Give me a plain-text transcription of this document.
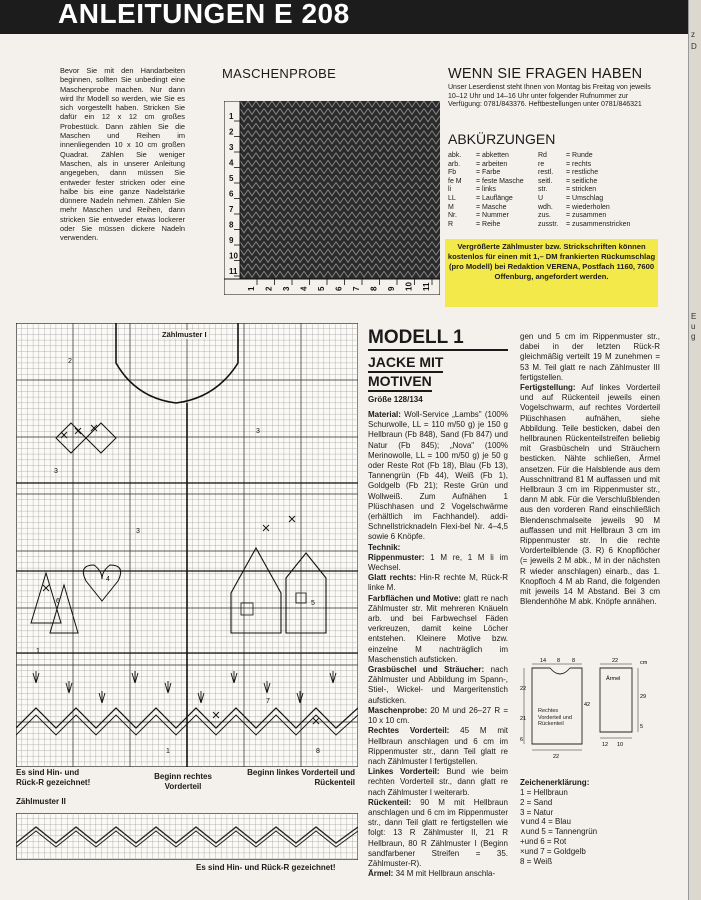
ANLEITUNGEN E 208
z
D
E
u
g
Bevor Sie mit den Handarbeiten beginnen, sollten Sie unbedingt eine Maschenprobe machen. Nur dann wird Ihr Modell so werden, wie Sie es sich vorgestellt haben. Stricken Sie dafür ein 12 x 12 cm großes Probestück. Dann zählen Sie die Maschen und Reihen im innenliegenden 10 x 10 cm großen Quadrat. Zählen Sie weniger Maschen, als in unserer Anleitung angegeben, dann müssen Sie entweder fester stricken oder eine halbe bis eine ganze Nadelstärke dünnere Nadeln nehmen. Zählen Sie mehr Maschen und Reihen, dann stricken Sie entweder etwas lockerer oder Sie müssen dickere Nadeln verwenden.
MASCHENPROBE
1
2
3
4
5
6
7
8
9
10
11
1 2 3 4 5 6 7 8 9 10 11
WENN SIE FRAGEN HABEN
Unser Leserdienst steht Ihnen von Montag bis Freitag von jeweils 10–12 Uhr und 14–16 Uhr unter folgender Rufnummer zur Verfügung: 0781/843376. Heftbestellungen unter 0781/846321
ABKÜRZUNGEN
abk.	= abketten	Rd	= Runde
arb.	= arbeiten	re	= rechts
Fb	= Farbe	restl.	= restliche
fe M	= feste Masche	seitl.	= seitliche
li	= links	str.	= stricken
LL	= Lauflänge	U	= Umschlag
M	= Masche	wdh.	= wiederholen
Nr.	= Nummer	zus.	= zusammen
R	= Reihe	zusstr.	= zusammenstricken
Vergrößerte Zählmuster bzw. Strickschriften können kostenlos für einen mit 1,– DM frankierten Rückumschlag (pro Modell) bei Redaktion VERENA, Postfach 1160, 7600 Offenburg, angefordert werden.
2
4
3
3
3
1
6	5
1
7
8
Zählmuster I
Es sind Hin- und Rück-R gezeichnet!
Beginn rechtes Vorderteil
Beginn linkes Vorderteil und Rückenteil
Zählmuster II
Es sind Hin- und Rück-R gezeichnet!
MODELL 1
JACKE MIT
MOTIVEN
Größe 128/134
Material: Woll-Service „Lambs" (100% Schurwolle, LL = 110 m/50 g) je 150 g Hellbraun (Fb 848), Sand (Fb 847) und Natur (Fb 845); „Nova" (100% Merinowolle, LL = 100 m/50 g) je 50 g oder Reste Rot (Fb 18), Blau (Fb 13), Tannengrün (Fb 44), Weiß (Fb 1), Goldgelb (Fb 21); Reste Grün und Wollweiß. Zum Aufnähen 1 Plüschhasen und 2 Vogelschwärme (erhältlich im Fachhandel). addi-Schnellstricknadeln Flexi-bel Nr. 4–4,5 sowie 6 Knöpfe.
Technik:
Rippenmuster: 1 M re, 1 M li im Wechsel.
Glatt rechts: Hin-R rechte M, Rück-R linke M.
Farbflächen und Motive: glatt re nach Zählmuster str. Mit mehreren Knäueln arb. und bei Farbwechsel Fäden verkreuzen, damit keine Löcher entstehen. Kleinere Motive bzw. einzelne M nachträglich im Maschenstich aufsticken.
Grasbüschel und Sträucher: nach Zählmuster und Abbildung im Spann-, Stiel-, Wickel- und Margeritenstich aufsticken.
Maschenprobe: 20 M und 26–27 R = 10 x 10 cm.
Rechtes Vorderteil: 45 M mit Hellbraun anschlagen und 6 cm im Rippenmuster str., dann Teil glatt re nach Zählmuster I fertigstellen.
Linkes Vorderteil: Bund wie beim rechten Vorderteil str., dann glatt re nach Zählmuster I weiterarb.
Rückenteil: 90 M mit Hellbraun anschlagen und 6 cm im Rippenmuster str., dann Teil glatt re fertigstellen wie folgt: 13 R Zählmuster II, 21 R Hellbraun, 80 R Zählmuster I (Beginn sandfarbener Streifen = 35. Zählmuster-R).
Ärmel: 34 M mit Hellbraun anschla-
gen und 5 cm im Rippenmuster str., dabei in der letzten Rück-R gleichmäßig verteilt 19 M zunehmen = 53 M. Teil glatt re nach Zählmuster III fertigstellen.
Fertigstellung: Auf linkes Vorderteil und auf Rückenteil jeweils einen Vogelschwarm, auf rechtes Vorderteil Plüschhasen aufnähen, siehe Abbildung. Teile besticken, dabei den hellbraunen Rückenteilstreifen beliebig mit Grasbüscheln und Sträuchern besticken. Nähte schließen, Ärmel ansetzen. Für die Halsblende aus dem Ausschnittrand 81 M auffassen und mit Hellbraun 3 cm im Rippenmuster str., dann M abk. Für die Verschlußblenden aus den vorderen Rand einschließlich Blendenschmalseite jeweils 90 M auffassen und mit Hellbraun 3 cm im Rippenmuster str. In die rechte Vorderteilblende (3. R) 6 Knopflöcher (= jeweils 2 M abk., M in der nächsten R wieder anschlagen) einarb., das 1. Knopfloch 4 M ab Rand, die folgenden mit jeweils 14 M Abstand. Bei 3 cm Blendenhöhe M abk. Knöpfe annähen.
14 8 8
22
42
21
6
22
29
22
12 10
5
cm
Ärmel
Rechtes Vorderteil und Rückenteil
Zeichenerklärung:
1 = Hellbraun
2 = Sand
3 = Natur
∨und 4 = Blau
∧und 5 = Tannengrün
+und 6 = Rot
×und 7 = Goldgelb
8 = Weiß
